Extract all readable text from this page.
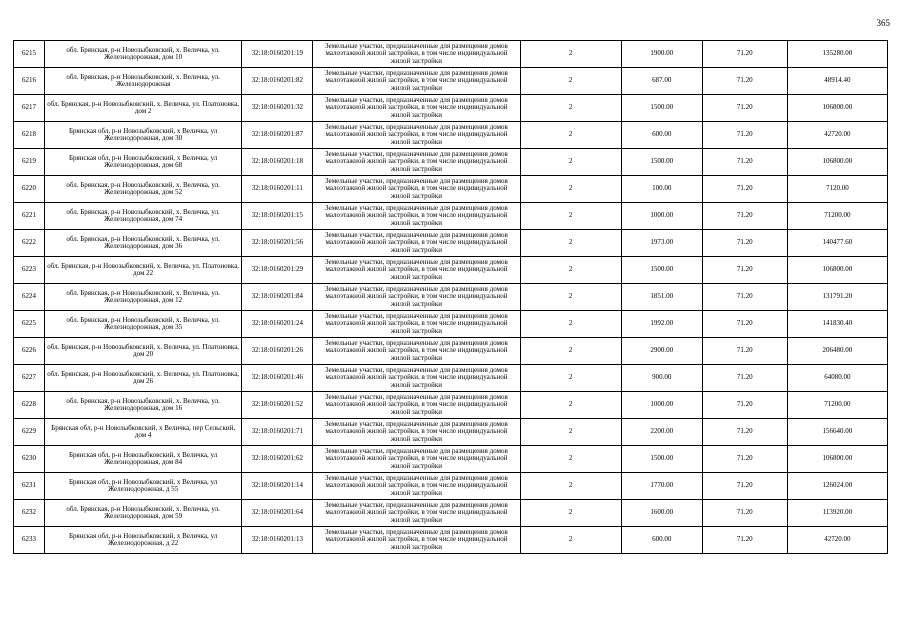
365
6215	обл. Брянская, р-н Новозыбковский, х. Величка, ул. Железнодорожная, дом 10	32:18:0160201:19	Земельные участки, предназначенные для размещения домов малоэтажной жилой застройки, в том числе индивидуальной жилой застройки	2	1900.00	71.20	135280.00
6216	обл. Брянская, р-н Новозыбковский, х. Величка, ул. Железнодорожная	32:18:0160201:82	Земельные участки, предназначенные для размещения домов малоэтажной жилой застройки, в том числе индивидуальной жилой застройки	2	687.00	71.20	48914.40
6217	обл. Брянская, р-н Новозыбковский, х. Величка, ул. Платоновка, дом 2	32:18:0160201:32	Земельные участки, предназначенные для размещения домов малоэтажной жилой застройки, в том числе индивидуальной жилой застройки	2	1500.00	71.20	106800.00
6218	Брянская обл, р-н Новозыбковский, х Величка, ул Железнодорожная, дом 30	32:18:0160201:87	Земельные участки, предназначенные для размещения домов малоэтажной жилой застройки, в том числе индивидуальной жилой застройки	2	600.00	71.20	42720.00
6219	Брянская обл, р-н Новозыбковский, х Величка, ул Железнодорожная, дом 68	32:18:0160201:18	Земельные участки, предназначенные для размещения домов малоэтажной жилой застройки, в том числе индивидуальной жилой застройки	2	1500.00	71.20	106800.00
6220	обл. Брянская, р-н Новозыбковский, х. Величка, ул. Железнодорожная, дом 52	32:18:0160201:11	Земельные участки, предназначенные для размещения домов малоэтажной жилой застройки, в том числе индивидуальной жилой застройки	2	100.00	71.20	7120.00
6221	обл. Брянская, р-н Новозыбковский, х. Величка, ул. Железнодорожная, дом 74	32:18:0160201:15	Земельные участки, предназначенные для размещения домов малоэтажной жилой застройки, в том числе индивидуальной жилой застройки	2	1000.00	71.20	71200.00
6222	обл. Брянская, р-н Новозыбковский, х. Величка, ул. Железнодорожная, дом 36	32:18:0160201:56	Земельные участки, предназначенные для размещения домов малоэтажной жилой застройки, в том числе индивидуальной жилой застройки	2	1973.00	71.20	140477.60
6223	обл. Брянская, р-н Новозыбковский, х. Величка, ул. Платоновка, дом 22	32:18:0160201:29	Земельные участки, предназначенные для размещения домов малоэтажной жилой застройки, в том числе индивидуальной жилой застройки	2	1500.00	71.20	106800.00
6224	обл. Брянская, р-н Новозыбковский, х. Величка, ул. Железнодорожная, дом 12	32:18:0160201:84	Земельные участки, предназначенные для размещения домов малоэтажной жилой застройки, в том числе индивидуальной жилой застройки	2	1851.00	71.20	131791.20
6225	обл. Брянская, р-н Новозыбковский, х. Величка, ул. Железнодорожная, дом 35	32:18:0160201:24	Земельные участки, предназначенные для размещения домов малоэтажной жилой застройки, в том числе индивидуальной жилой застройки	2	1992.00	71.20	141830.40
6226	обл. Брянская, р-н Новозыбковский, х. Величка, ул. Платоновка, дом 20	32:18:0160201:26	Земельные участки, предназначенные для размещения домов малоэтажной жилой застройки, в том числе индивидуальной жилой застройки	2	2900.00	71.20	206480.00
6227	обл. Брянская, р-н Новозыбковский, х. Величка, ул. Платоновка, дом 26	32:18:0160201:46	Земельные участки, предназначенные для размещения домов малоэтажной жилой застройки, в том числе индивидуальной жилой застройки	2	900.00	71.20	64080.00
6228	обл. Брянская, р-н Новозыбковский, х. Величка, ул. Железнодорожная, дом 16	32:18:0160201:52	Земельные участки, предназначенные для размещения домов малоэтажной жилой застройки, в том числе индивидуальной жилой застройки	2	1000.00	71.20	71200.00
6229	Брянская обл, р-н Новозыбковский, х Величка, пер Сельский, дом 4	32:18:0160201:71	Земельные участки, предназначенные для размещения домов малоэтажной жилой застройки, в том числе индивидуальной жилой застройки	2	2200.00	71.20	156640.00
6230	Брянская обл, р-н Новозыбковский, х Величка, ул Железнодорожная, дом 84	32:18:0160201:62	Земельные участки, предназначенные для размещения домов малоэтажной жилой застройки, в том числе индивидуальной жилой застройки	2	1500.00	71.20	106800.00
6231	Брянская обл, р-н Новозыбковский, х Величка, ул Железнодорожная, д 55	32:18:0160201:14	Земельные участки, предназначенные для размещения домов малоэтажной жилой застройки, в том числе индивидуальной жилой застройки	2	1770.00	71.20	126024.00
6232	обл. Брянская, р-н Новозыбковский, х. Величка, ул. Железнодорожная, дом 59	32:18:0160201:64	Земельные участки, предназначенные для размещения домов малоэтажной жилой застройки, в том числе индивидуальной жилой застройки	2	1600.00	71.20	113920.00
6233	Брянская обл, р-н Новозыбковский, х Величка, ул Железнодорожная, д 22	32:18:0160201:13	Земельные участки, предназначенные для размещения домов малоэтажной жилой застройки, в том числе индивидуальной жилой застройки	2	600.00	71.20	42720.00
